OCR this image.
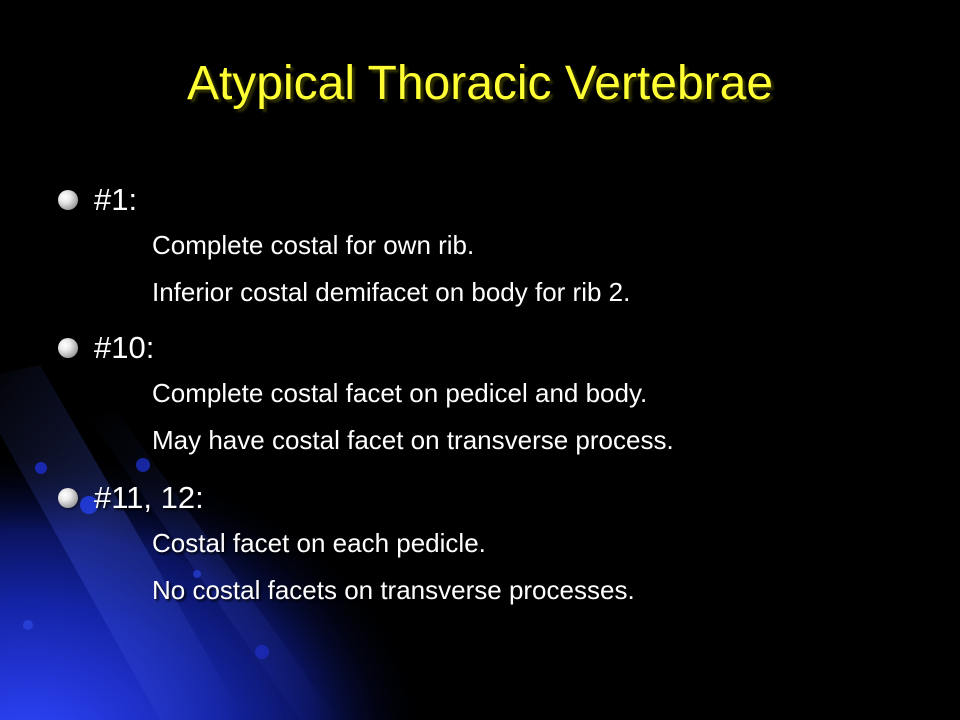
Atypical Thoracic Vertebrae
#1:
Complete costal for own rib.
Inferior costal demifacet on body for rib 2.
#10:
Complete costal facet on pedicel and body.
May have costal facet on transverse process.
#11, 12:
Costal facet on each pedicle.
No costal facets on transverse processes.
